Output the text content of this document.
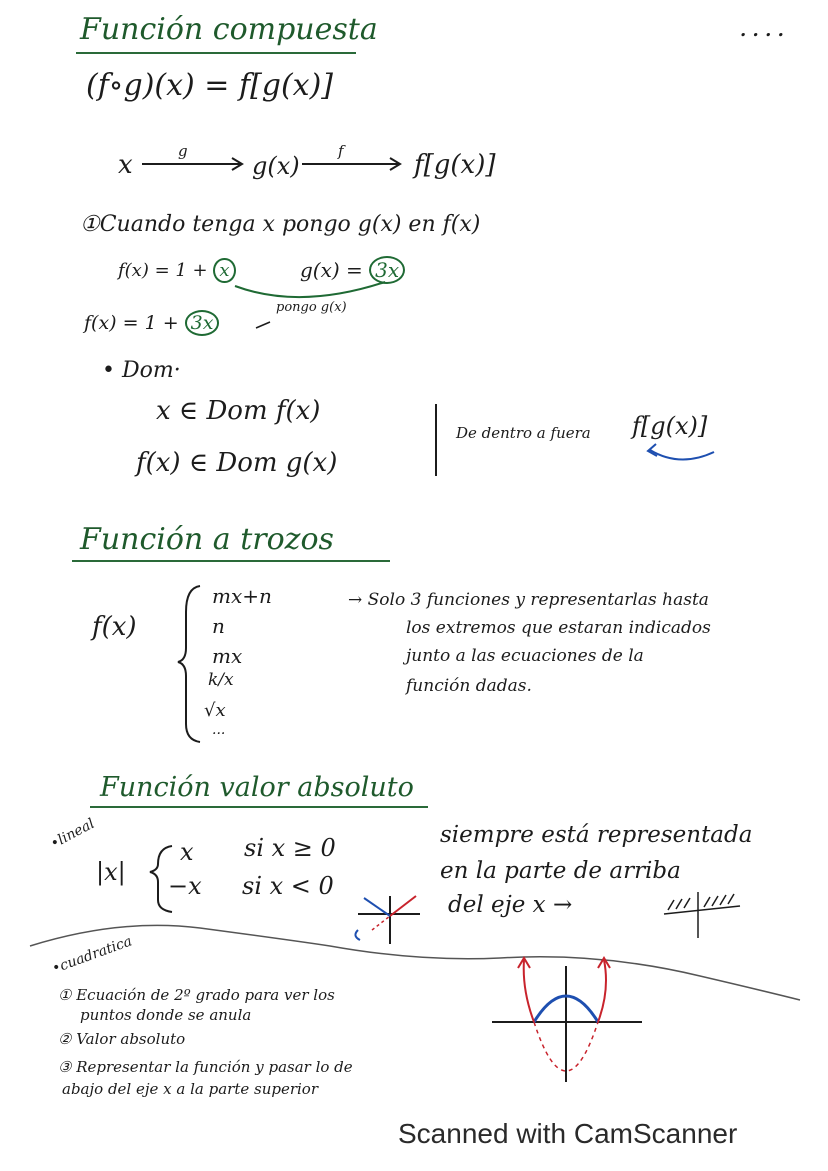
. . . .
Función compuesta
(f∘g)(x) = f[g(x)]
x	g
g(x)
f	f[g(x)]
①Cuando tenga x pongo g(x) en f(x)
f(x) = 1 + x	g(x) = 3x
f(x) = 1 + 3x
pongo g(x)
• Dom·
x ∈ Dom f(x)
f(x) ∈ Dom g(x)
De dentro a fuera f[g(x)]
Función a trozos
f(x)
mx+n
n
mx
k/x
√x
...
→ Solo 3 funciones y representarlas hasta
los extremos que estaran indicados
junto a las ecuaciones de la
función dadas.
Función valor absoluto
•lineal
|x|
x si x ≥ 0
−x si x < 0
siempre está representada
en la parte de arriba
del eje x →
•cuadratica
① Ecuación de 2º grado para ver los
puntos donde se anula
② Valor absoluto
③ Representar la función y pasar lo de
abajo del eje x a la parte superior
Scanned with CamScanner
